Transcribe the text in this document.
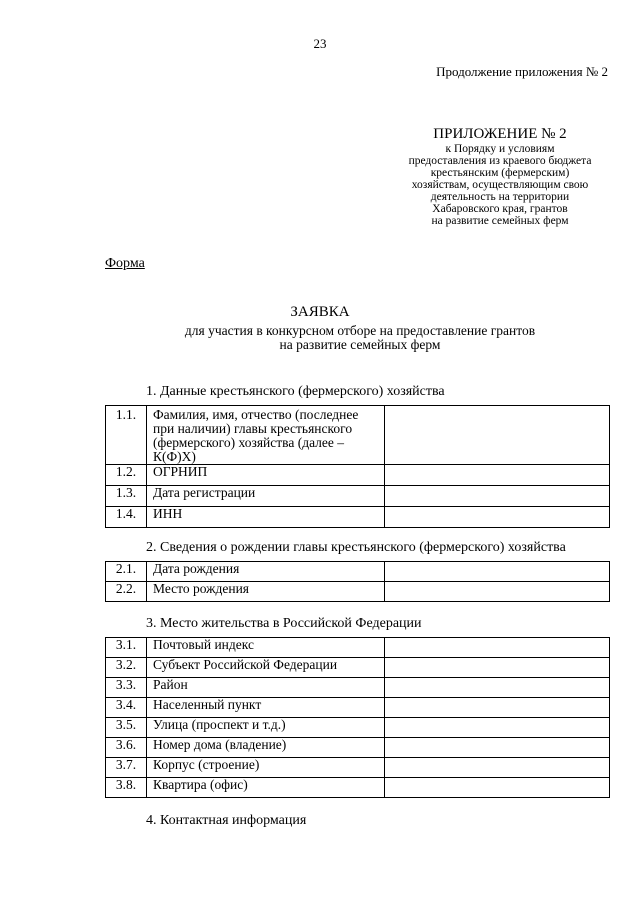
23
Продолжение приложения № 2
ПРИЛОЖЕНИЕ № 2
к Порядку и условиям
предоставления из краевого бюджета
крестьянским (фермерским)
хозяйствам, осуществляющим свою
деятельность на территории
Хабаровского края, грантов
на развитие семейных ферм
Форма
ЗАЯВКА
для участия в конкурсном отборе на предоставление грантов
на развитие семейных ферм
1. Данные крестьянского (фермерского) хозяйства
1.1.	Фамилия, имя, отчество (последнее при наличии) главы крестьянского (фермерского) хозяйства (далее – К(Ф)Х)	
1.2.	ОГРНИП	
1.3.	Дата регистрации	
1.4.	ИНН	
2. Сведения о рождении главы крестьянского (фермерского) хозяйства
2.1.	Дата рождения	
2.2.	Место рождения	
3. Место жительства в Российской Федерации
3.1.	Почтовый индекс	
3.2.	Субъект Российской Федерации	
3.3.	Район	
3.4.	Населенный пункт	
3.5.	Улица (проспект и т.д.)	
3.6.	Номер дома (владение)	
3.7.	Корпус (строение)	
3.8.	Квартира (офис)	
4. Контактная информация
